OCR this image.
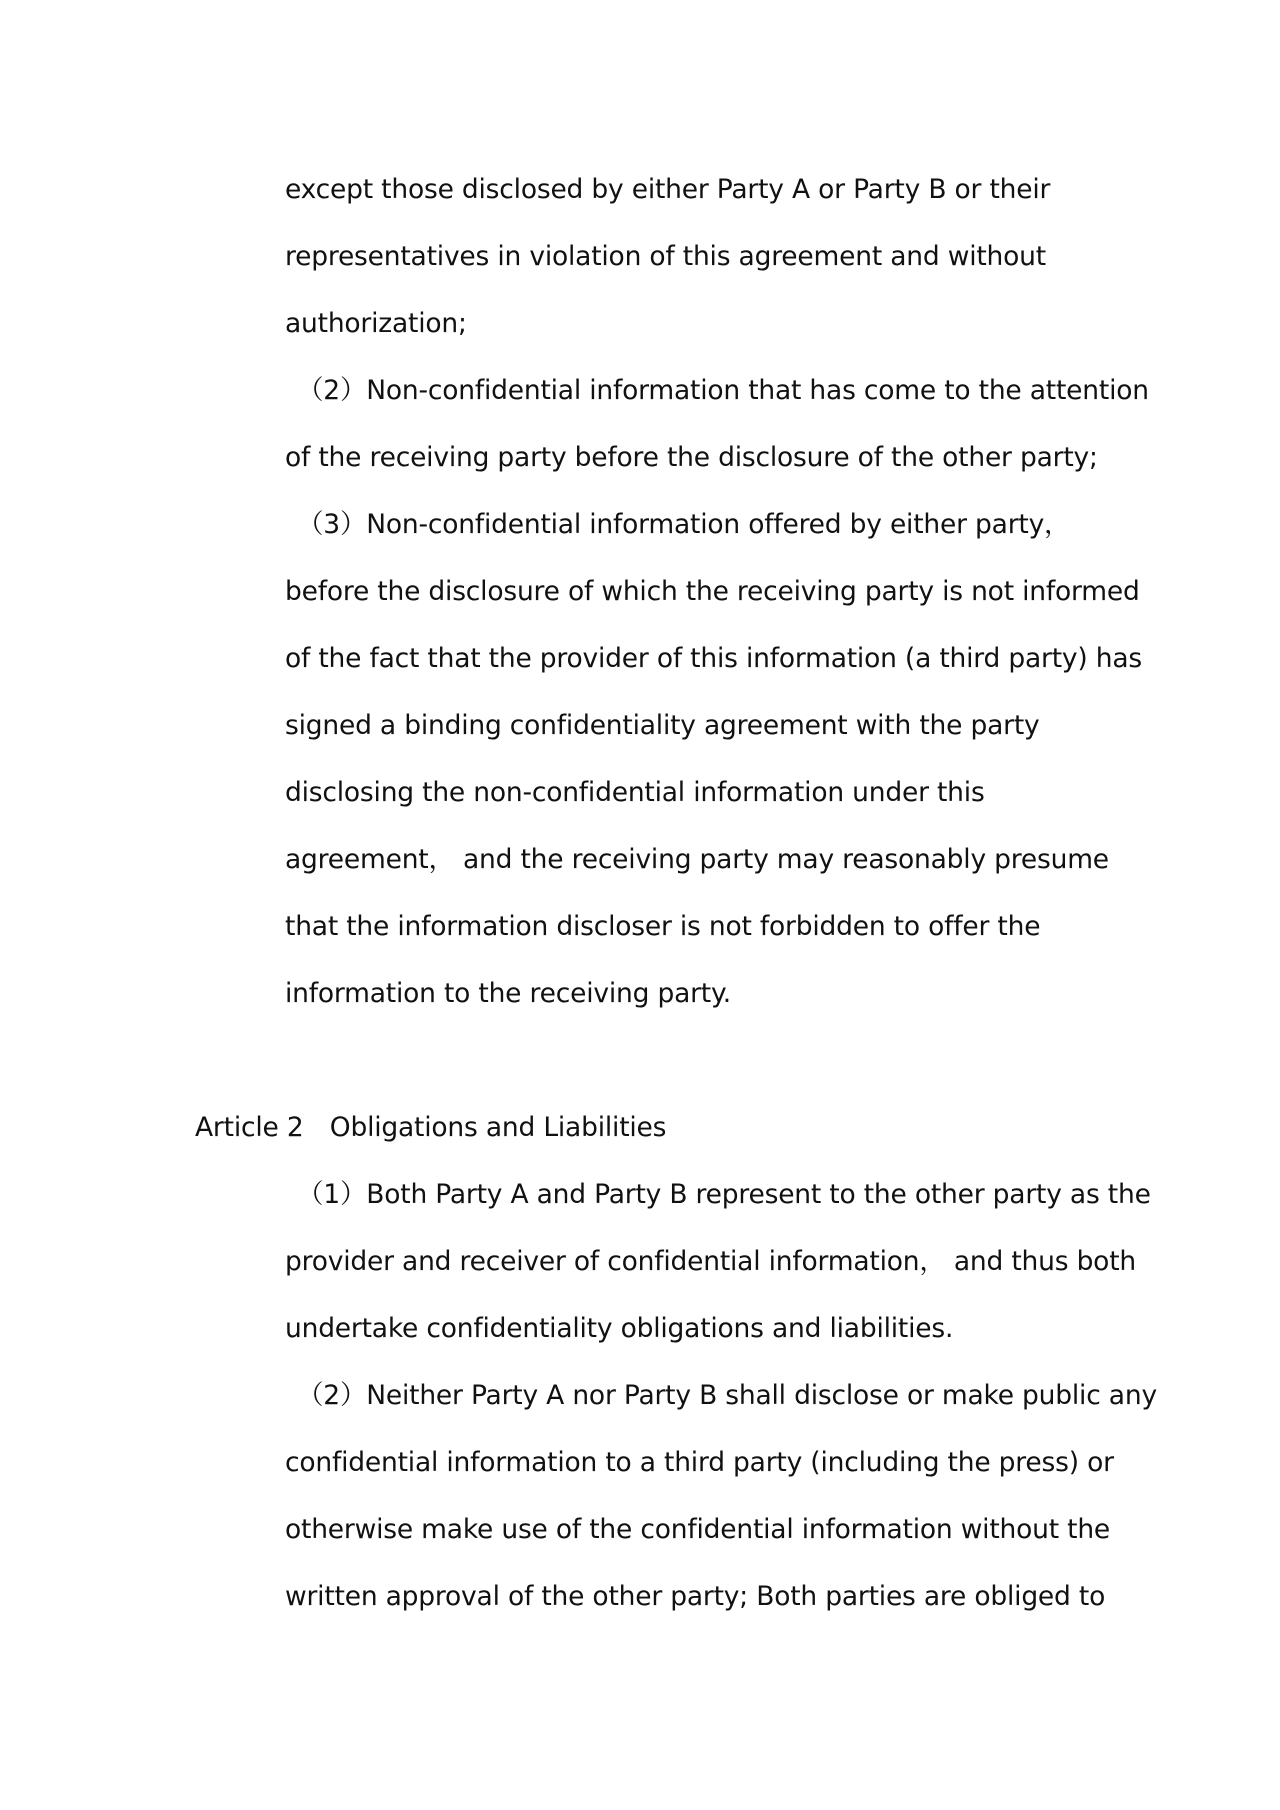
except those disclosed by either Party A or Party B or their
representatives in violation of this agreement and without
authorization;
（2）Non-confidential information that has come to the attention
of the receiving party before the disclosure of the other party;
（3）Non-confidential information offered by either party，
before the disclosure of which the receiving party is not informed
of the fact that the provider of this information (a third party) has
signed a binding confidentiality agreement with the party
disclosing the non-confidential information under this
agreement， and the receiving party may reasonably presume
that the information discloser is not forbidden to offer the
information to the receiving party.
Article 2　Obligations and Liabilities
（1）Both Party A and Party B represent to the other party as the
provider and receiver of confidential information， and thus both
undertake confidentiality obligations and liabilities.
（2）Neither Party A nor Party B shall disclose or make public any
confidential information to a third party (including the press) or
otherwise make use of the confidential information without the
written approval of the other party; Both parties are obliged to
